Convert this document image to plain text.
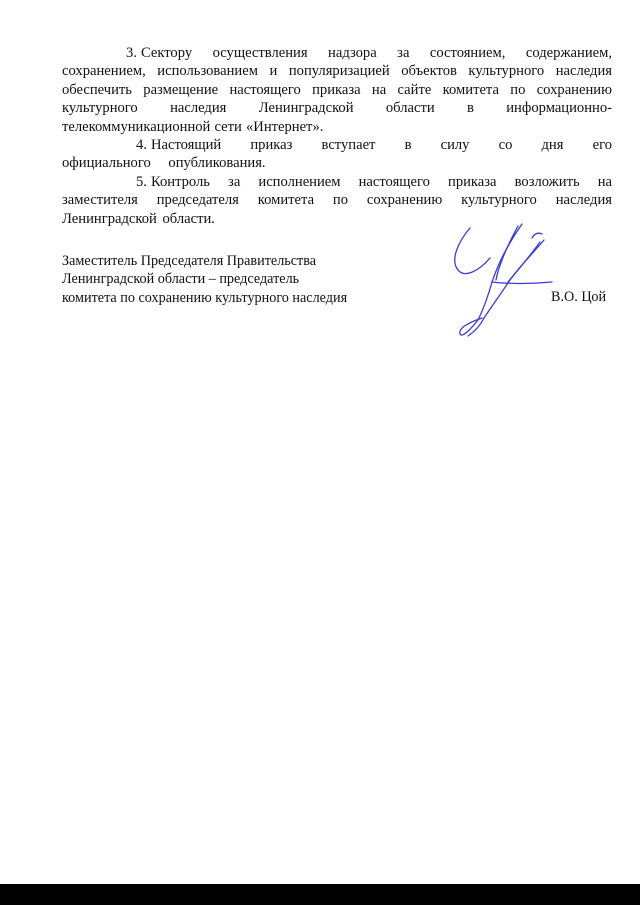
3. Сектору осуществления надзора за состоянием, содержанием, сохранением, использованием и популяризацией объектов культурного наследия обеспечить размещение настоящего приказа на сайте комитета по сохранению культурного наследия Ленинградской области в информационно-телекоммуникационной сети «Интернет».

4. Настоящий приказ вступает в силу со дня его официального опубликования.

5. Контроль за исполнением настоящего приказа возложить на заместителя председателя комитета по сохранению культурного наследия Ленинградской области.

Заместитель Председателя Правительства
Ленинградской области – председатель
комитета по сохранению культурного наследия	В.О. Цой
